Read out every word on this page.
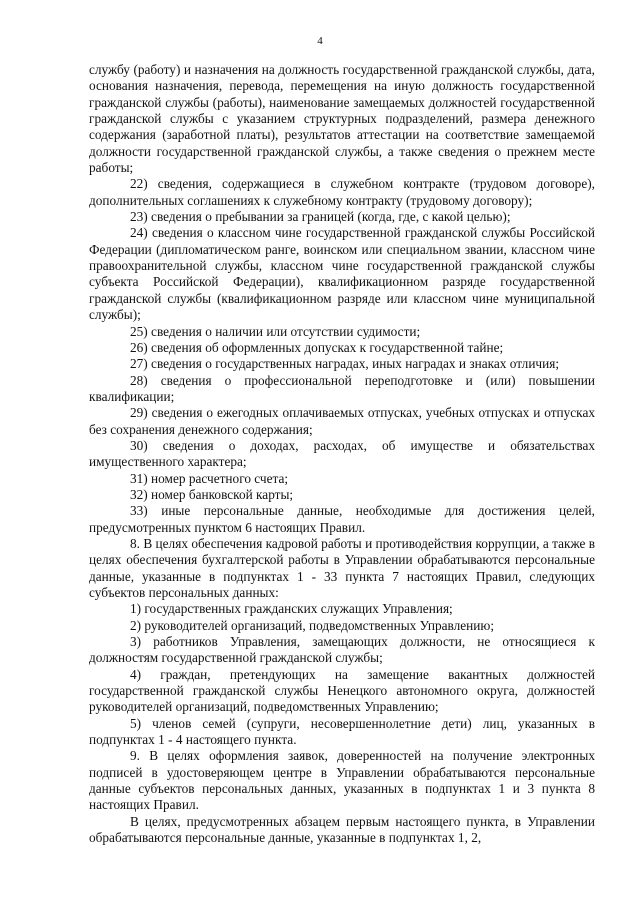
4

службу (работу) и назначения на должность государственной гражданской службы, дата, основания назначения, перевода, перемещения на иную должность государственной гражданской службы (работы), наименование замещаемых должностей государственной гражданской службы с указанием структурных подразделений, размера денежного содержания (заработной платы), результатов аттестации на соответствие замещаемой должности государственной гражданской службы, а также сведения о прежнем месте работы;

22) сведения, содержащиеся в служебном контракте (трудовом договоре), дополнительных соглашениях к служебному контракту (трудовому договору);

23) сведения о пребывании за границей (когда, где, с какой целью);

24) сведения о классном чине государственной гражданской службы Российской Федерации (дипломатическом ранге, воинском или специальном звании, классном чине правоохранительной службы, классном чине государственной гражданской службы субъекта Российской Федерации), квалификационном разряде государственной гражданской службы (квалификационном разряде или классном чине муниципальной службы);

25) сведения о наличии или отсутствии судимости;

26) сведения об оформленных допусках к государственной тайне;

27) сведения о государственных наградах, иных наградах и знаках отличия;

28) сведения о профессиональной переподготовке и (или) повышении квалификации;

29) сведения о ежегодных оплачиваемых отпусках, учебных отпусках и отпусках без сохранения денежного содержания;

30) сведения о доходах, расходах, об имуществе и обязательствах имущественного характера;

31) номер расчетного счета;

32) номер банковской карты;

33) иные персональные данные, необходимые для достижения целей, предусмотренных пунктом 6 настоящих Правил.

8. В целях обеспечения кадровой работы и противодействия коррупции, а также в целях обеспечения бухгалтерской работы в Управлении обрабатываются персональные данные, указанные в подпунктах 1 - 33 пункта 7 настоящих Правил, следующих субъектов персональных данных:

1) государственных гражданских служащих Управления;

2) руководителей организаций, подведомственных Управлению;

3) работников Управления, замещающих должности, не относящиеся к должностям государственной гражданской службы;

4) граждан, претендующих на замещение вакантных должностей государственной гражданской службы Ненецкого автономного округа, должностей руководителей организаций, подведомственных Управлению;

5) членов семей (супруги, несовершеннолетние дети) лиц, указанных в подпунктах 1 - 4 настоящего пункта.

9. В целях оформления заявок, доверенностей на получение электронных подписей в удостоверяющем центре в Управлении обрабатываются персональные данные субъектов персональных данных, указанных в подпунктах 1 и 3 пункта 8 настоящих Правил.

В целях, предусмотренных абзацем первым настоящего пункта, в Управлении обрабатываются персональные данные, указанные в подпунктах 1, 2,
